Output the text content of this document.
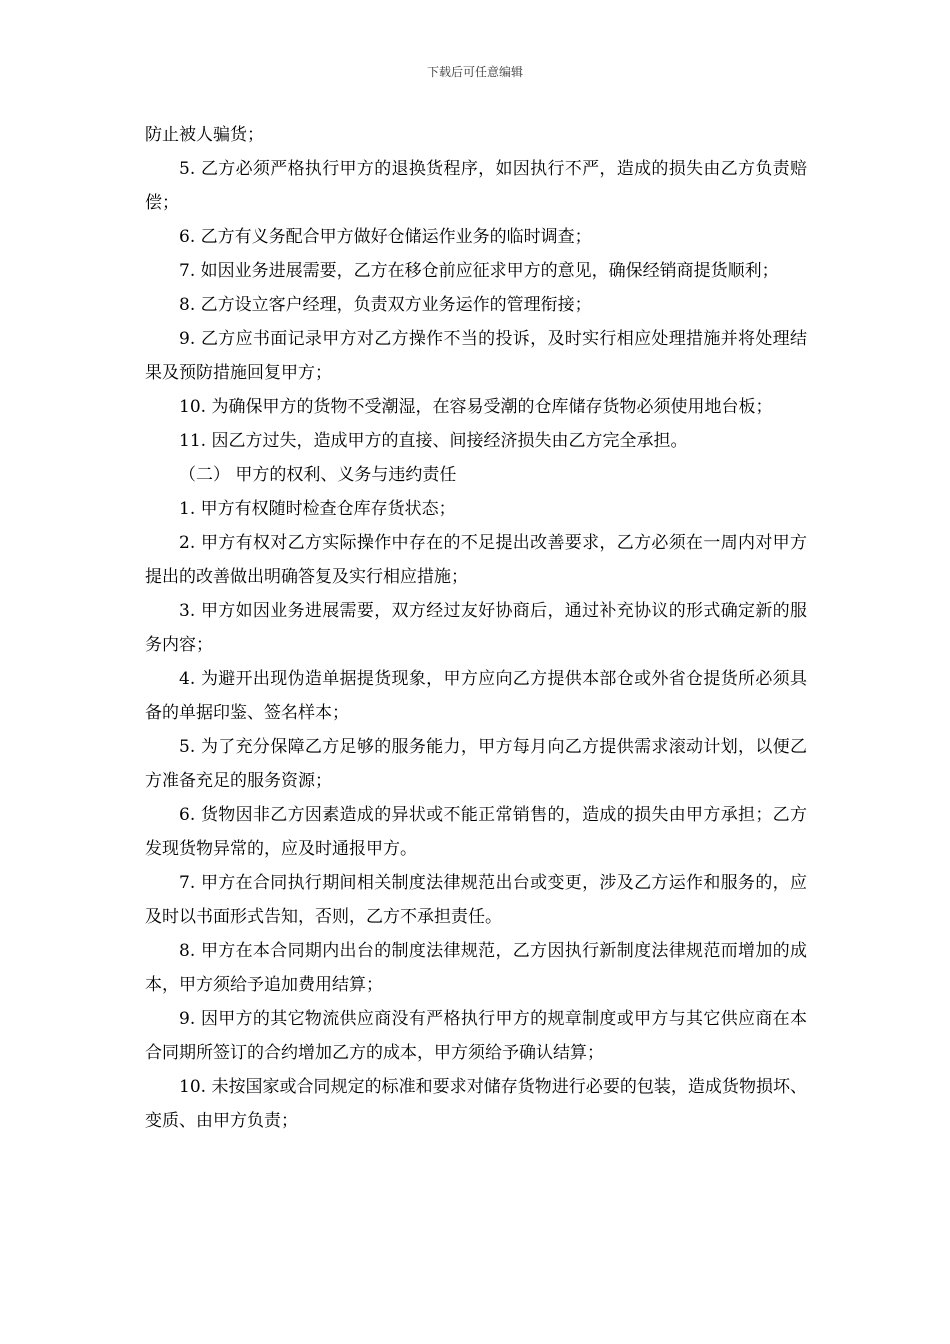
下载后可任意编辑

防止被人骗货；

5. 乙方必须严格执行甲方的退换货程序，如因执行不严，造成的损失由乙方负责赔偿；

6. 乙方有义务配合甲方做好仓储运作业务的临时调查；

7. 如因业务进展需要，乙方在移仓前应征求甲方的意见，确保经销商提货顺利；

8. 乙方设立客户经理，负责双方业务运作的管理衔接；

9. 乙方应书面记录甲方对乙方操作不当的投诉，及时实行相应处理措施并将处理结果及预防措施回复甲方；

10. 为确保甲方的货物不受潮湿，在容易受潮的仓库储存货物必须使用地台板；

11. 因乙方过失，造成甲方的直接、间接经济损失由乙方完全承担。

（二） 甲方的权利、义务与违约责任

1. 甲方有权随时检查仓库存货状态；

2. 甲方有权对乙方实际操作中存在的不足提出改善要求，乙方必须在一周内对甲方提出的改善做出明确答复及实行相应措施；

3. 甲方如因业务进展需要，双方经过友好协商后，通过补充协议的形式确定新的服务内容；

4. 为避开出现伪造单据提货现象，甲方应向乙方提供本部仓或外省仓提货所必须具备的单据印鉴、签名样本；

5. 为了充分保障乙方足够的服务能力，甲方每月向乙方提供需求滚动计划，以便乙方准备充足的服务资源；

6. 货物因非乙方因素造成的异状或不能正常销售的，造成的损失由甲方承担；乙方发现货物异常的，应及时通报甲方。

7. 甲方在合同执行期间相关制度法律规范出台或变更，涉及乙方运作和服务的，应及时以书面形式告知，否则，乙方不承担责任。

8. 甲方在本合同期内出台的制度法律规范，乙方因执行新制度法律规范而增加的成本，甲方须给予追加费用结算；

9. 因甲方的其它物流供应商没有严格执行甲方的规章制度或甲方与其它供应商在本合同期所签订的合约增加乙方的成本，甲方须给予确认结算；

10. 未按国家或合同规定的标准和要求对储存货物进行必要的包装，造成货物损坏、变质、由甲方负责；
